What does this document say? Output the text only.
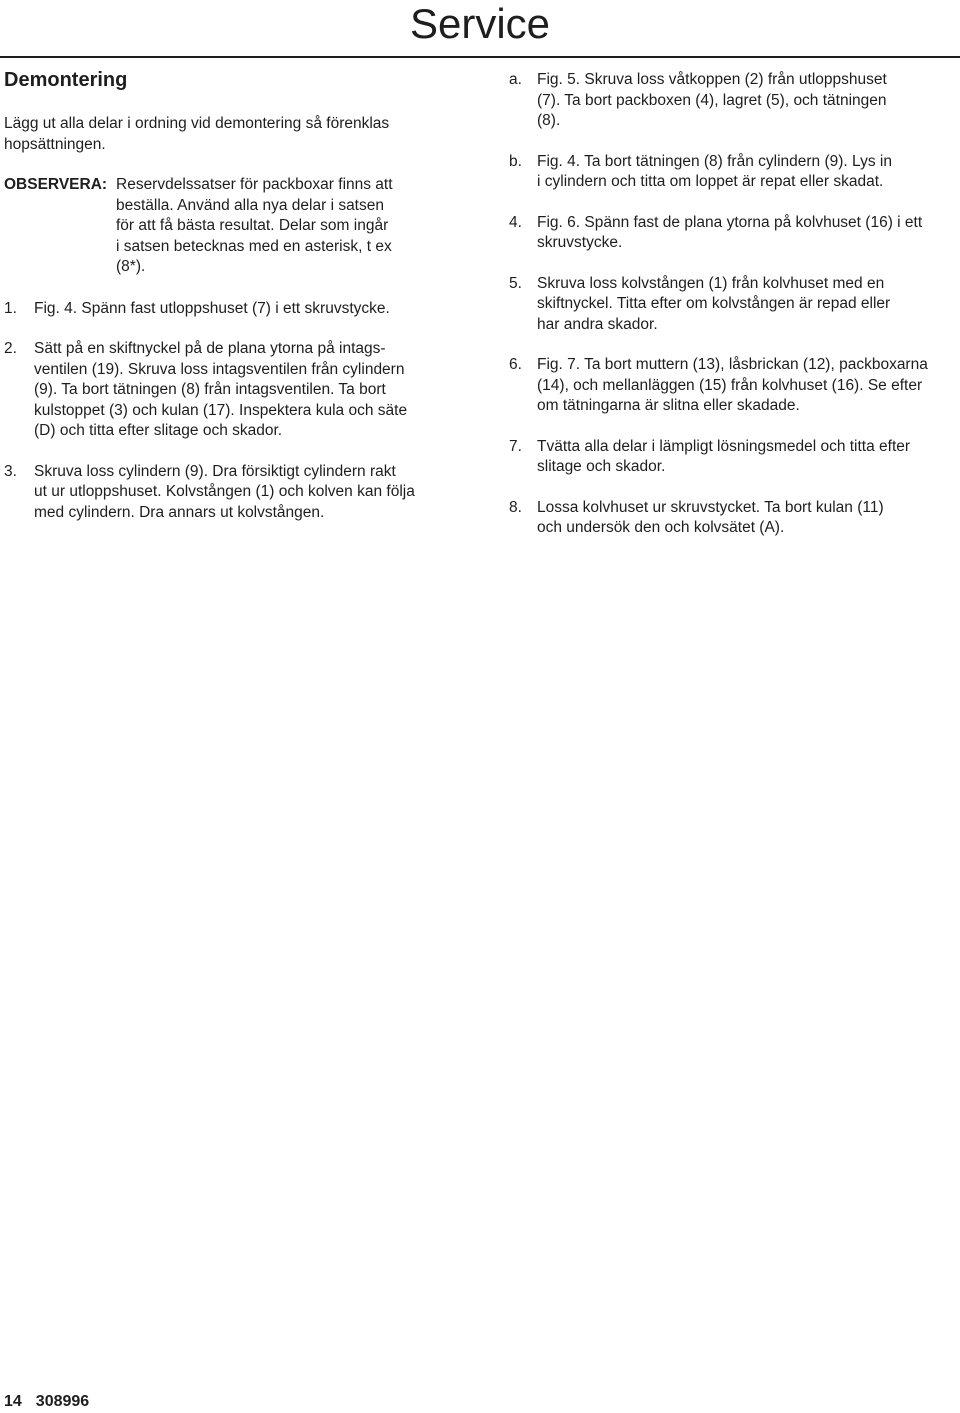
Service
Demontering

Lägg ut alla delar i ordning vid demontering så förenklas
hopsättningen.

OBSERVERA: Reservdelssatser för packboxar finns att
beställa. Använd alla nya delar i satsen
för att få bästa resultat. Delar som ingår
i satsen betecknas med en asterisk, t ex
(8*).
1.	Fig. 4. Spänn fast utloppshuset (7) i ett skruvstycke.
2.	Sätt på en skiftnyckel på de plana ytorna på intags-
ventilen (19). Skruva loss intagsventilen från cylindern
(9). Ta bort tätningen (8) från intagsventilen. Ta bort
kulstoppet (3) och kulan (17). Inspektera kula och säte
(D) och titta efter slitage och skador.
3.	Skruva loss cylindern (9). Dra försiktigt cylindern rakt
ut ur utloppshuset. Kolvstången (1) och kolven kan följa
med cylindern. Dra annars ut kolvstången.
a. Fig. 5. Skruva loss våtkoppen (2) från utloppshuset
(7). Ta bort packboxen (4), lagret (5), och tätningen
(8).
b. Fig. 4. Ta bort tätningen (8) från cylindern (9). Lys in
i cylindern och titta om loppet är repat eller skadat.
4. Fig. 6. Spänn fast de plana ytorna på kolvhuset (16) i ett
skruvstycke.
5. Skruva loss kolvstången (1) från kolvhuset med en
skiftnyckel. Titta efter om kolvstången är repad eller
har andra skador.
6. Fig. 7. Ta bort muttern (13), låsbrickan (12), packboxarna
(14), och mellanläggen (15) från kolvhuset (16). Se efter
om tätningarna är slitna eller skadade.
7. Tvätta alla delar i lämpligt lösningsmedel och titta efter
slitage och skador.
8. Lossa kolvhuset ur skruvstycket. Ta bort kulan (11)
och undersök den och kolvsätet (A).
14 308996
